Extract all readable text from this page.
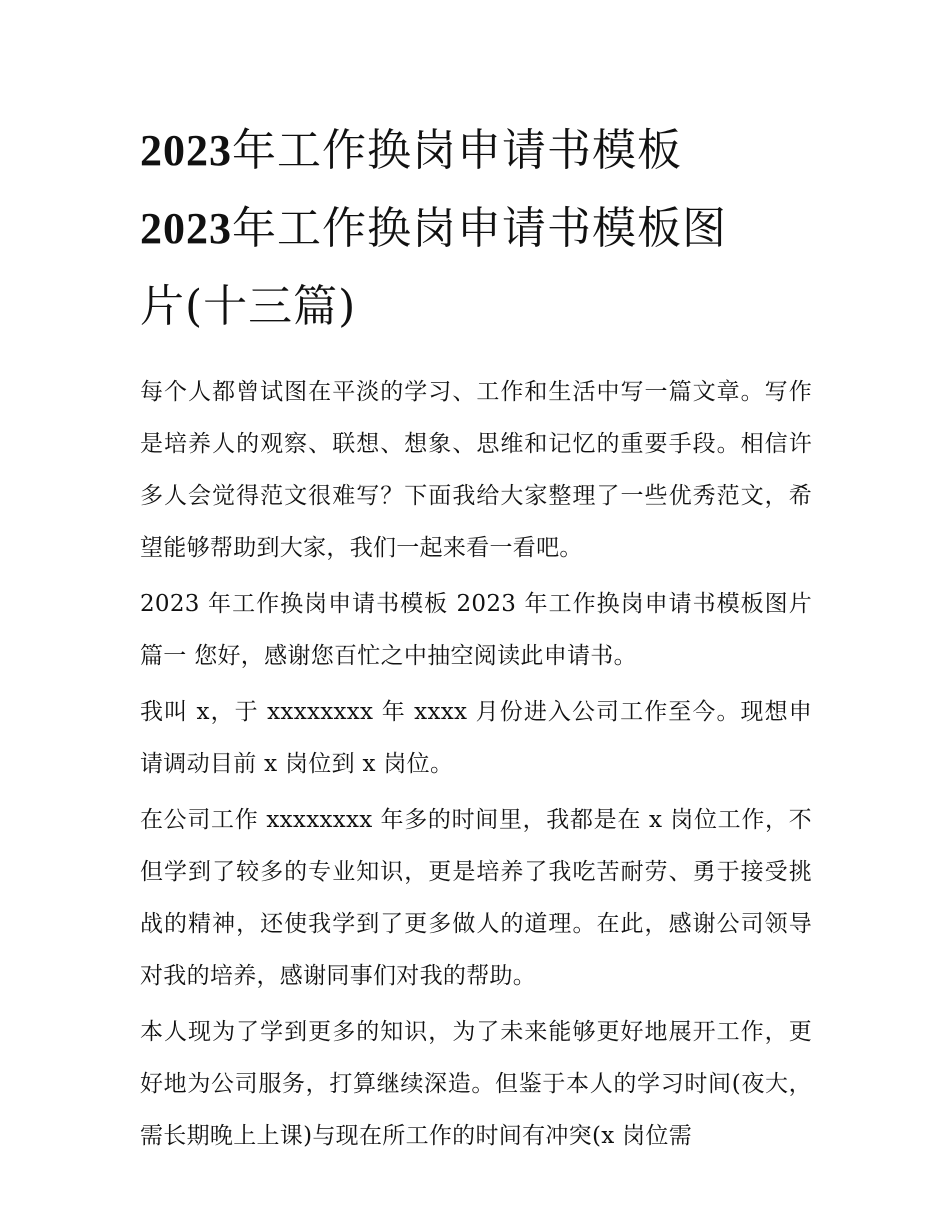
2023年工作换岗申请书模板
2023年工作换岗申请书模板图
片(十三篇)

每个人都曾试图在平淡的学习、工作和生活中写一篇文章。写作是培养人的观察、联想、想象、思维和记忆的重要手段。相信许多人会觉得范文很难写？下面我给大家整理了一些优秀范文，希望能够帮助到大家，我们一起来看一看吧。

2023 年工作换岗申请书模板 2023 年工作换岗申请书模板图片篇一 您好，感谢您百忙之中抽空阅读此申请书。

我叫 x，于 xxxxxxxx 年 xxxx 月份进入公司工作至今。现想申请调动目前 x 岗位到 x 岗位。

在公司工作 xxxxxxxx 年多的时间里，我都是在 x 岗位工作，不但学到了较多的专业知识，更是培养了我吃苦耐劳、勇于接受挑战的精神，还使我学到了更多做人的道理。在此，感谢公司领导对我的培养，感谢同事们对我的帮助。

本人现为了学到更多的知识，为了未来能够更好地展开工作，更好地为公司服务，打算继续深造。但鉴于本人的学习时间(夜大，需长期晚上上课)与现在所工作的时间有冲突(x 岗位需
